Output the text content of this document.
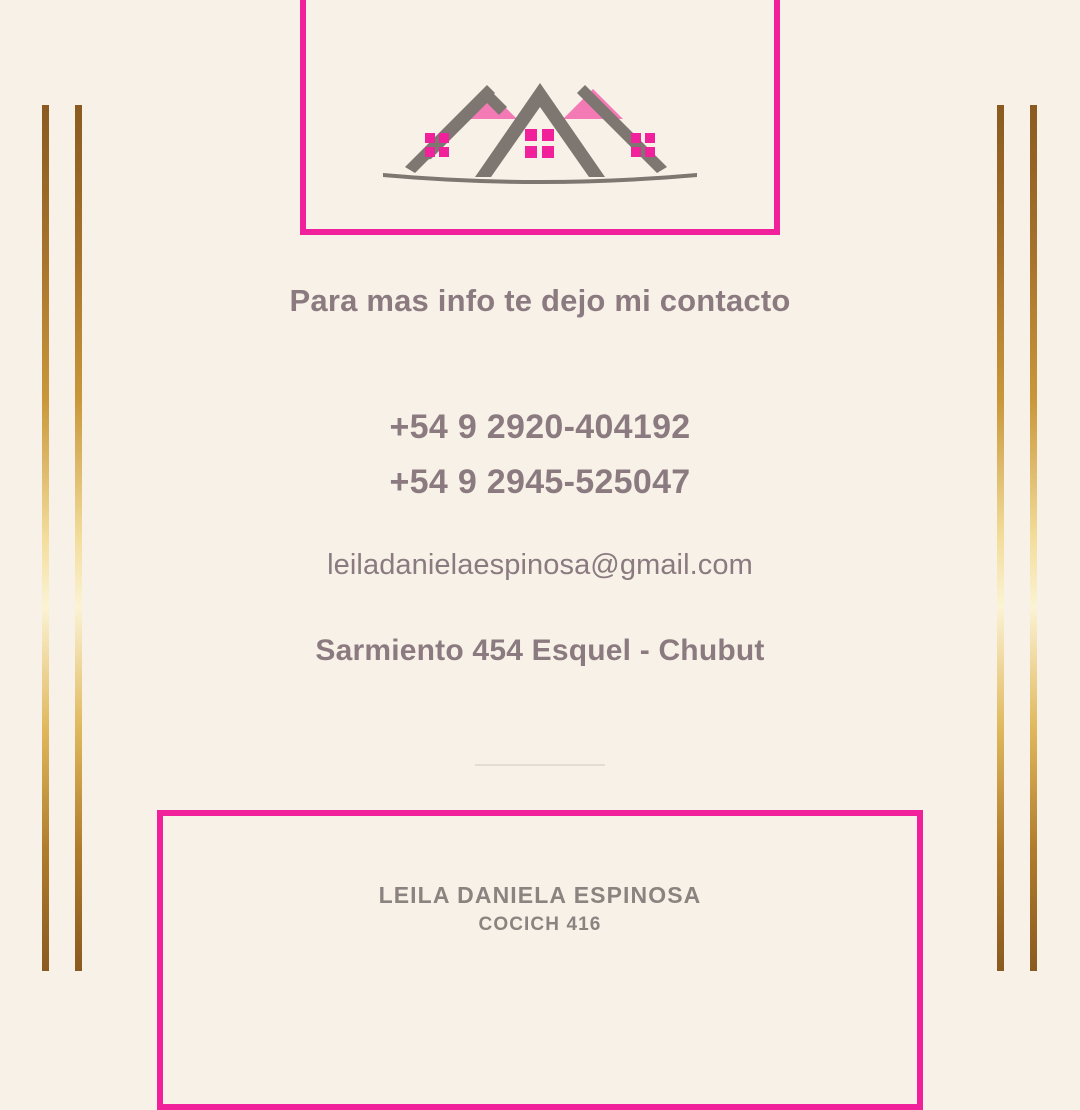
Para mas info te dejo mi contacto
+54 9 2920-404192
+54 9 2945-525047
leiladanielaespinosa@gmail.com
Sarmiento 454 Esquel - Chubut
LEILA DANIELA ESPINOSA
COCICH 416
